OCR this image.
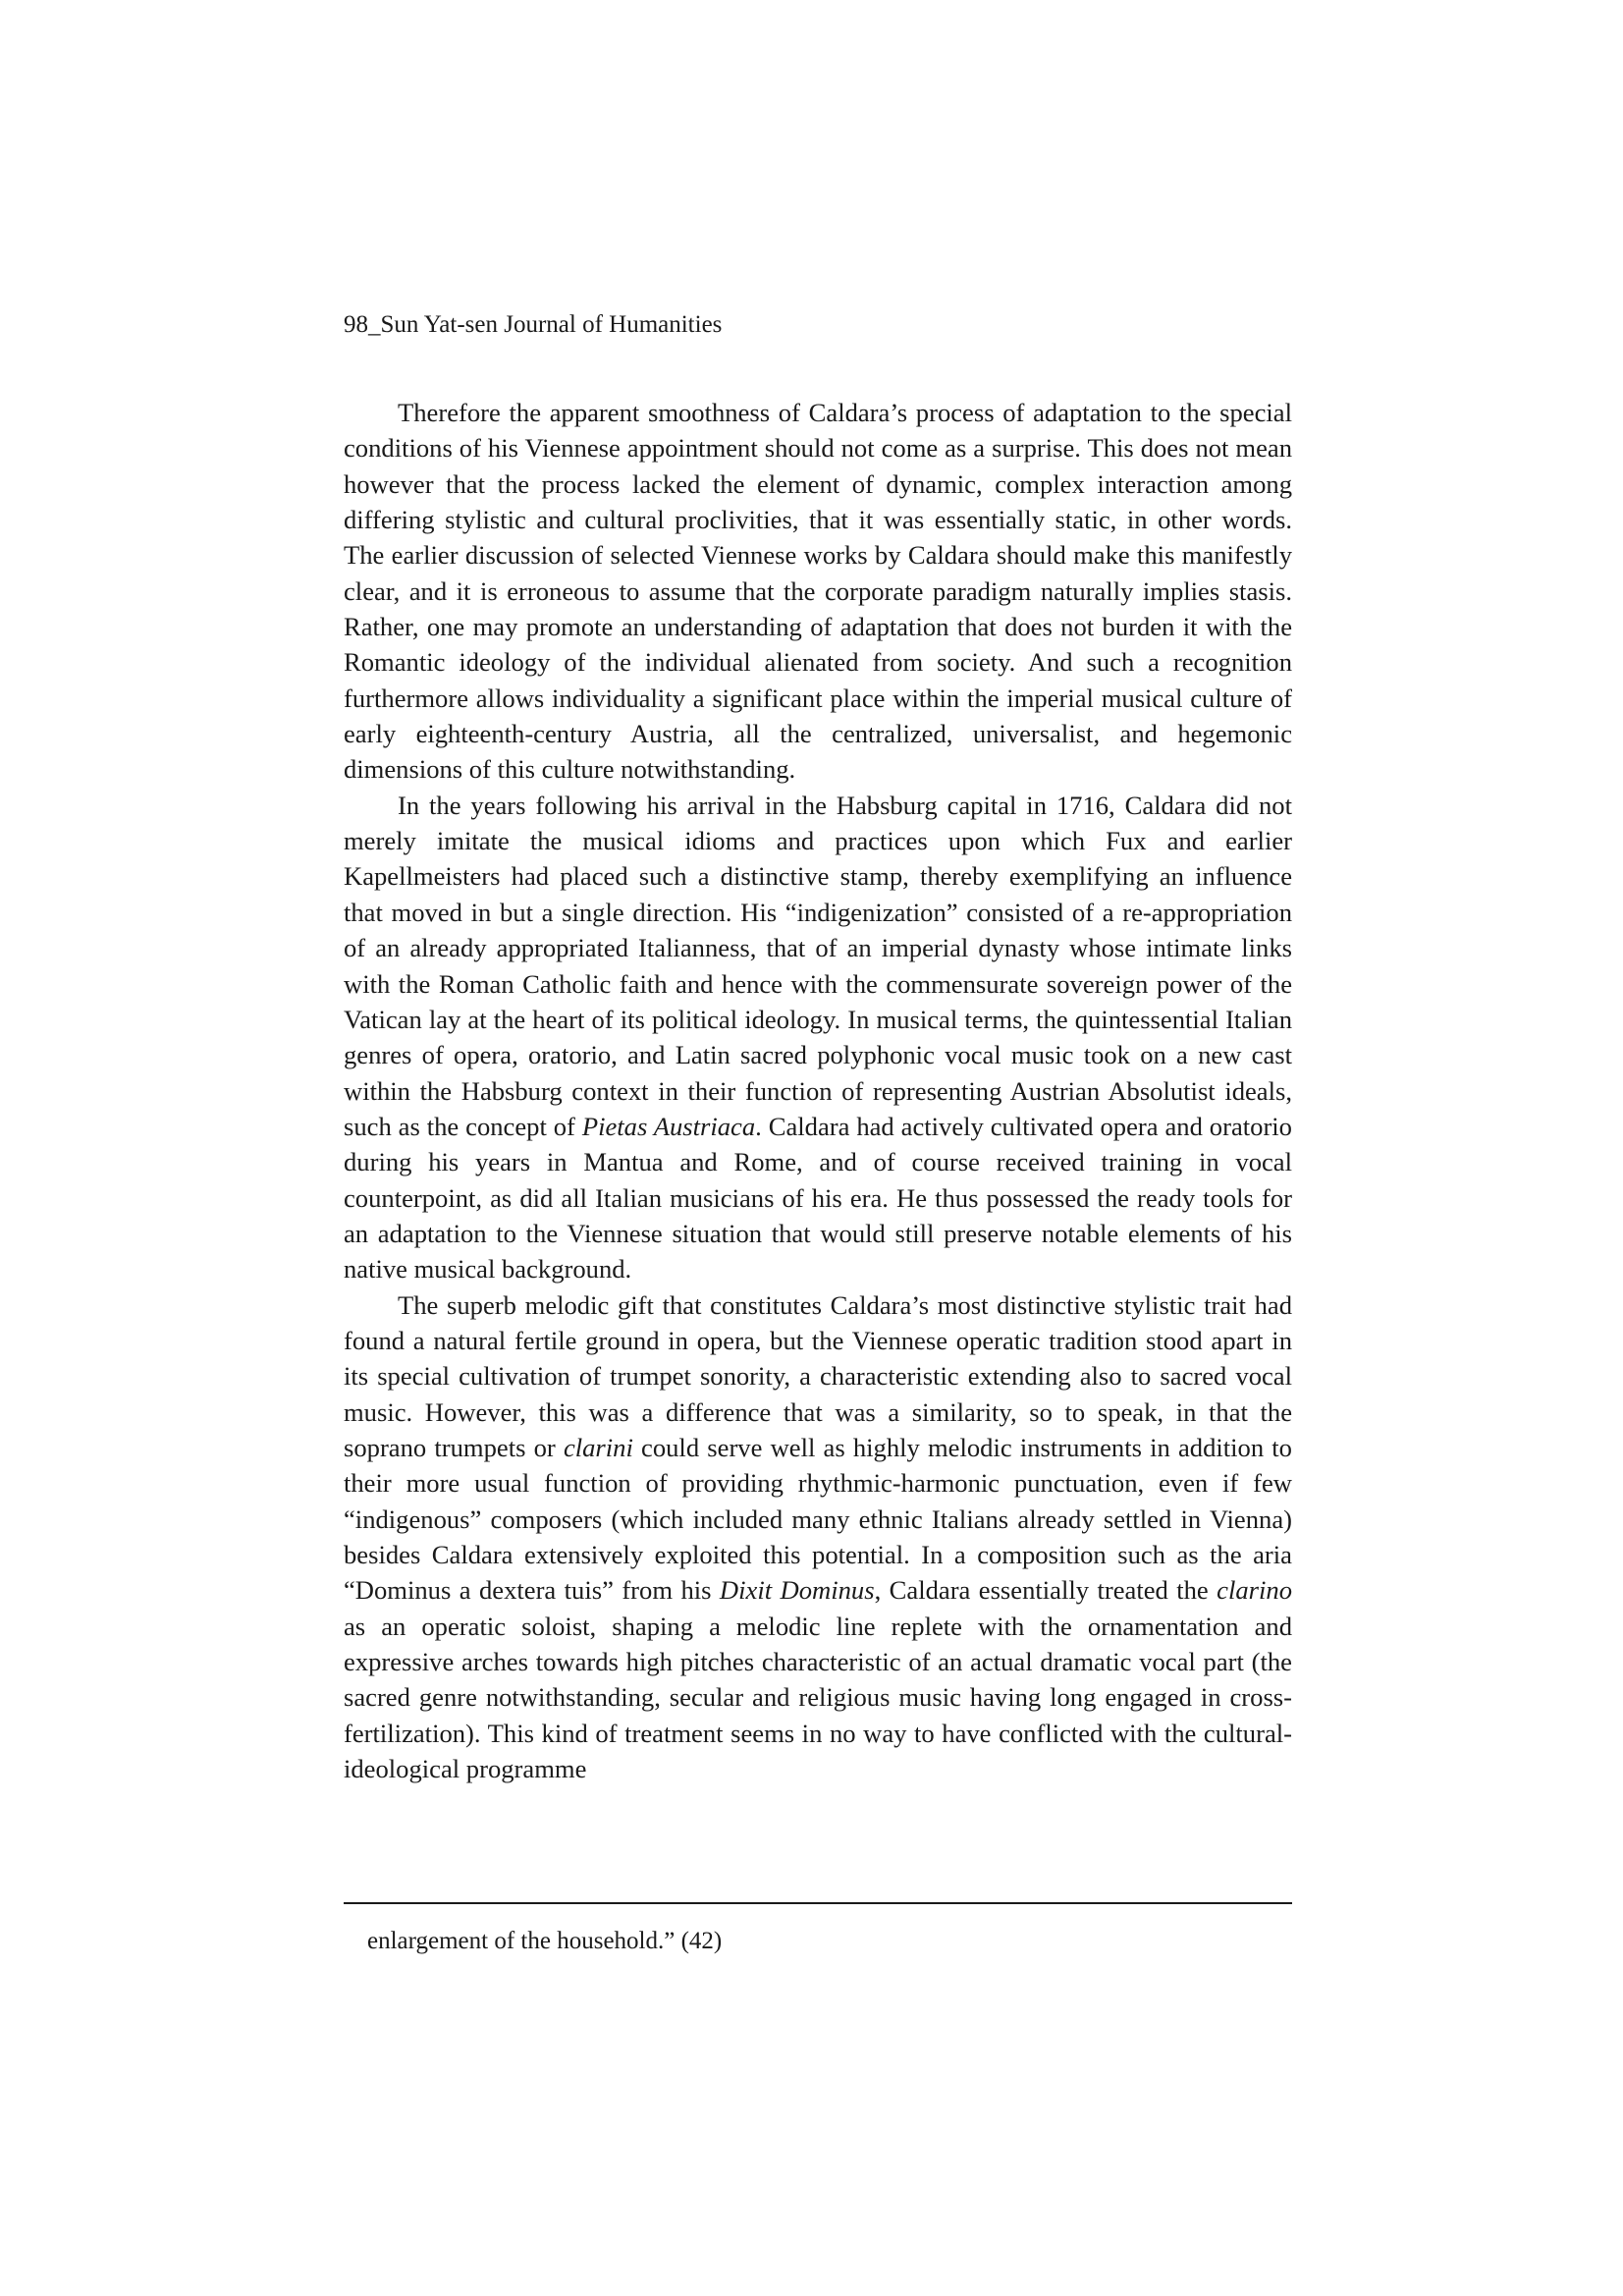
98_Sun Yat-sen Journal of Humanities

Therefore the apparent smoothness of Caldara’s process of adaptation to the special conditions of his Viennese appointment should not come as a surprise. This does not mean however that the process lacked the element of dynamic, complex interaction among differing stylistic and cultural proclivities, that it was essentially static, in other words. The earlier discussion of selected Viennese works by Caldara should make this manifestly clear, and it is erroneous to assume that the corporate paradigm naturally implies stasis. Rather, one may promote an understanding of adaptation that does not burden it with the Romantic ideology of the individual alienated from society. And such a recognition furthermore allows individuality a significant place within the imperial musical culture of early eighteenth-century Austria, all the centralized, universalist, and hegemonic dimensions of this culture notwithstanding.

In the years following his arrival in the Habsburg capital in 1716, Caldara did not merely imitate the musical idioms and practices upon which Fux and earlier Kapellmeisters had placed such a distinctive stamp, thereby exemplifying an influence that moved in but a single direction. His “indigenization” consisted of a re-appropriation of an already appropriated Italianness, that of an imperial dynasty whose intimate links with the Roman Catholic faith and hence with the commensurate sovereign power of the Vatican lay at the heart of its political ideology. In musical terms, the quintessential Italian genres of opera, oratorio, and Latin sacred polyphonic vocal music took on a new cast within the Habsburg context in their function of representing Austrian Absolutist ideals, such as the concept of Pietas Austriaca. Caldara had actively cultivated opera and oratorio during his years in Mantua and Rome, and of course received training in vocal counterpoint, as did all Italian musicians of his era. He thus possessed the ready tools for an adaptation to the Viennese situation that would still preserve notable elements of his native musical background.

The superb melodic gift that constitutes Caldara’s most distinctive stylistic trait had found a natural fertile ground in opera, but the Viennese operatic tradition stood apart in its special cultivation of trumpet sonority, a characteristic extending also to sacred vocal music. However, this was a difference that was a similarity, so to speak, in that the soprano trumpets or clarini could serve well as highly melodic instruments in addition to their more usual function of providing rhythmic-harmonic punctuation, even if few “indigenous” composers (which included many ethnic Italians already settled in Vienna) besides Caldara extensively exploited this potential. In a composition such as the aria “Dominus a dextera tuis” from his Dixit Dominus, Caldara essentially treated the clarino as an operatic soloist, shaping a melodic line replete with the ornamentation and expressive arches towards high pitches characteristic of an actual dramatic vocal part (the sacred genre notwithstanding, secular and religious music having long engaged in cross-fertilization). This kind of treatment seems in no way to have conflicted with the cultural-ideological programme

enlargement of the household.” (42)
